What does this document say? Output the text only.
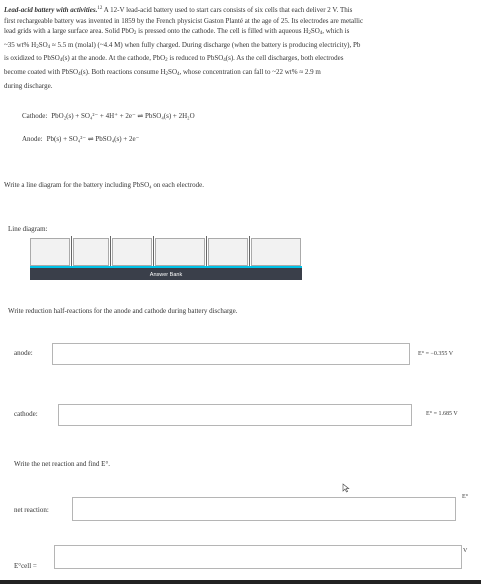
Lead-acid battery with activities.$^{12}$ A 12-V lead-acid battery used to start cars consists of six cells that each deliver 2 V. This
first rechargeable battery was invented in 1859 by the French physicist Gaston Planté at the age of 25. Its electrodes are metallic
lead grids with a large surface area. Solid PbO$_2$ is pressed onto the cathode. The cell is filled with aqueous $H_2SO_4$, which is
~35 wt% $H_2SO_4 \approx 5.5$ m (molal) (~4.4 M) when fully charged. During discharge (when the battery is producing electricity), Pb
is oxidized to PbSO$_4$(s) at the anode. At the cathode, PbO$_2$ is reduced to PbSO$_4$(s). As the cell discharges, both electrodes
become coated with PbSO$_4$(s). Both reactions consume $H_2SO_4$, whose concentration can fall to ~22 wt% ≈ 2.9 m
during discharge.
Cathode: PbO₂(s) + SO₄²⁻ + 4H⁺ + 2e⁻ ⇌ PbSO₄(s) + 2H₂O
Anode: Pb(s) + SO₄²⁻ ⇌ PbSO₄(s) + 2e⁻
Write a line diagram for the battery including PbSO₄ on each electrode.
Line diagram:
Answer Bank
Write reduction half-reactions for the anode and cathode during battery discharge.
anode:	E° = −0.355 V
cathode:	E° = 1.685 V
Write the net reaction and find E°.
net reaction:
E°
E°cell =
V
